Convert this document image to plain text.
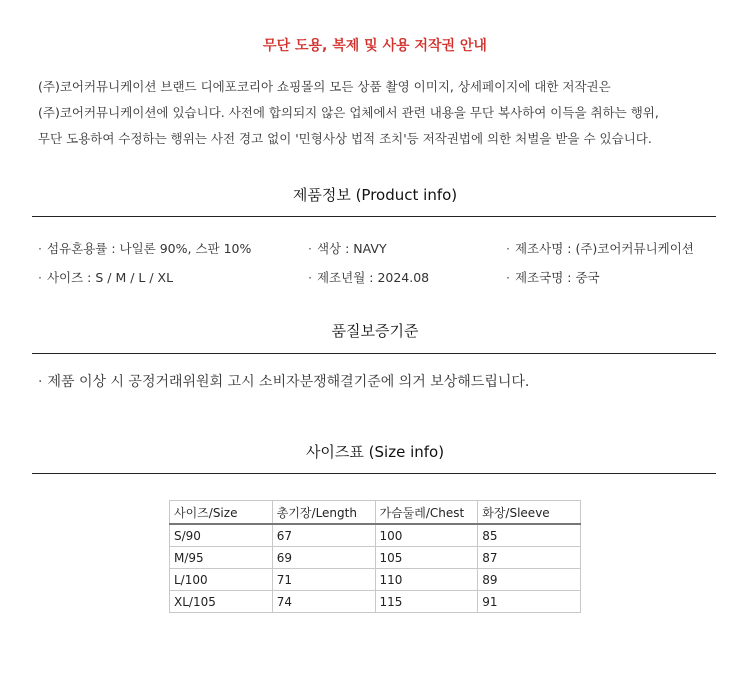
무단 도용, 복제 및 사용 저작권 안내
(주)코어커뮤니케이션 브랜드 디에포코리아 쇼핑몰의 모든 상품 촬영 이미지, 상세페이지에 대한 저작권은
(주)코어커뮤니케이션에 있습니다. 사전에 합의되지 않은 업체에서 관련 내용을 무단 복사하여 이득을 취하는 행위,
무단 도용하여 수정하는 행위는 사전 경고 없이 '민형사상 법적 조치'등 저작권법에 의한 처벌을 받을 수 있습니다.
제품정보 (Product info)
· 섬유혼용률 : 나일론 90%, 스판 10%	· 색상 : NAVY	· 제조사명 : (주)코어커뮤니케이션
· 사이즈 : S / M / L / XL	· 제조년월 : 2024.08	· 제조국명 : 중국
품질보증기준
· 제품 이상 시 공정거래위원회 고시 소비자분쟁해결기준에 의거 보상해드립니다.
사이즈표 (Size info)
사이즈/Size	총기장/Length	가슴둘레/Chest	화장/Sleeve
S/90	67	100	85
M/95	69	105	87
L/100	71	110	89
XL/105	74	115	91
